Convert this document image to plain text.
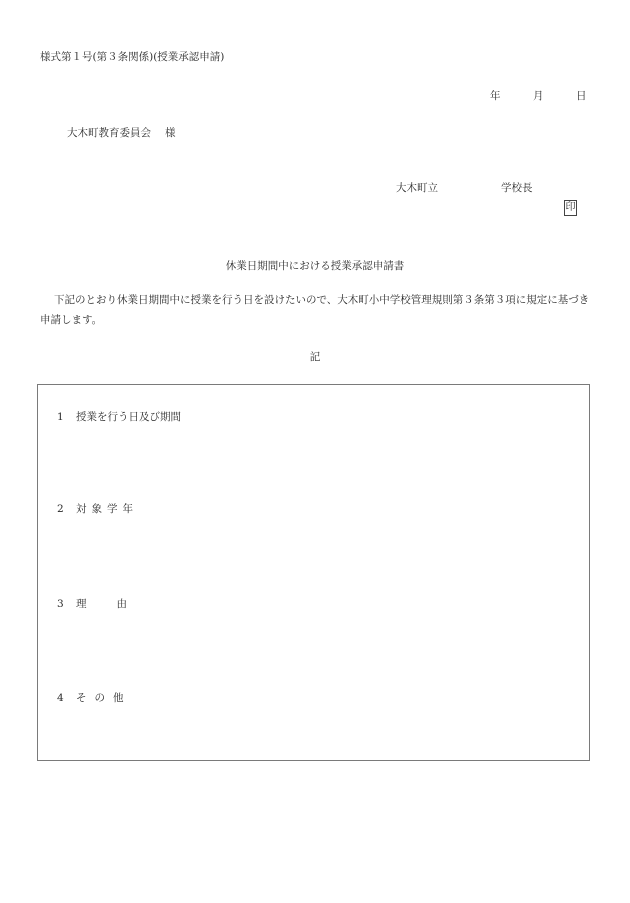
様式第１号(第３条関係)(授業承認申請)
年	月	日
大木町教育委員会 様
大木町立	学校長
印
休業日期間中における授業承認申請書
下記のとおり休業日期間中に授業を行う日を設けたいので、大木町小中学校管理規則第３条第３項に規定に基づき申請します。
記
1 授業を行う日及び期間
2 対象学年
3 理	由
4 その他
